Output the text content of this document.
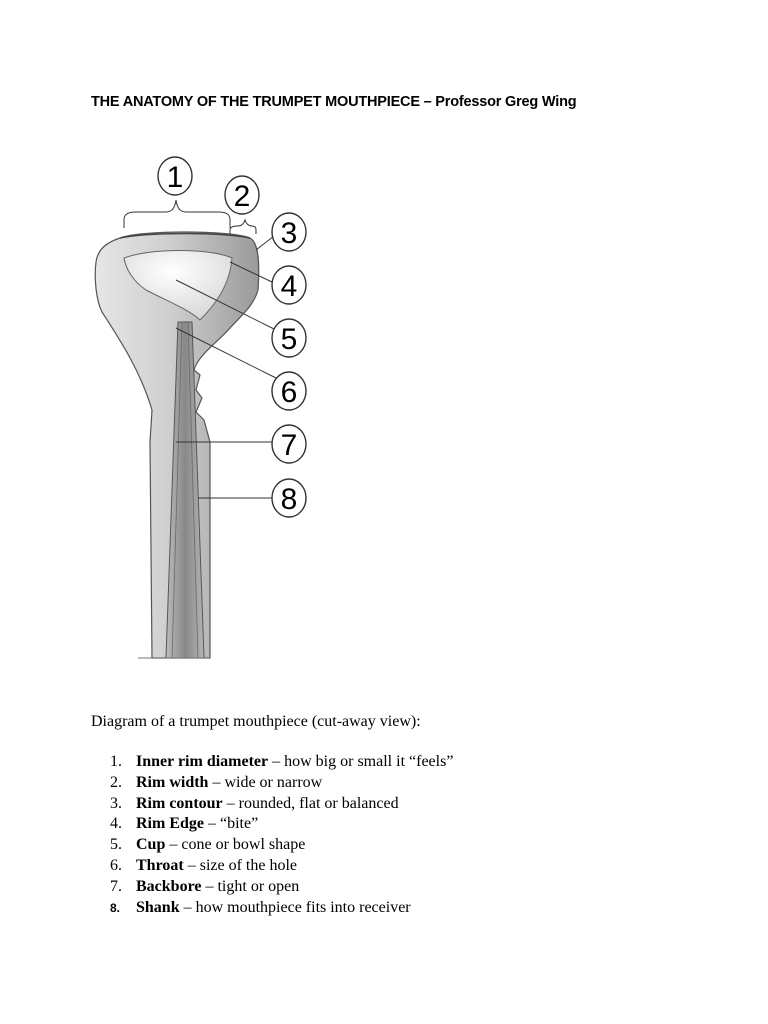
THE ANATOMY OF THE TRUMPET MOUTHPIECE – Professor Greg Wing
1
2
3
4
5
6
7
8
Diagram of a trumpet mouthpiece (cut-away view):
1. Inner rim diameter – how big or small it “feels”
2. Rim width – wide or narrow
3. Rim contour – rounded, flat or balanced
4. Rim Edge – “bite”
5. Cup – cone or bowl shape
6. Throat – size of the hole
7. Backbore – tight or open
8. Shank – how mouthpiece fits into receiver
